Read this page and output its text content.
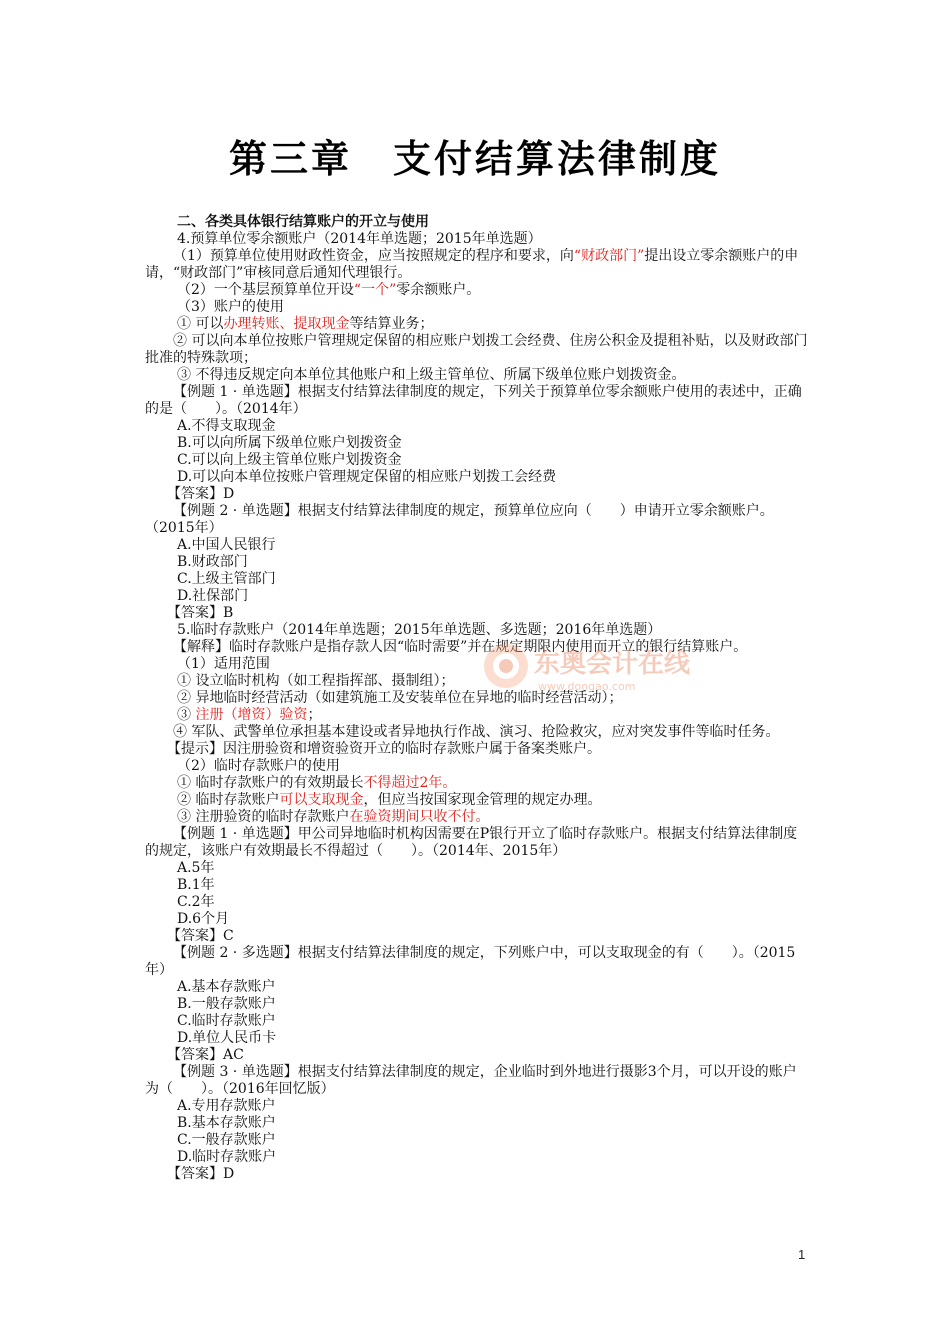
第三章　支付结算法律制度

二、各类具体银行结算账户的开立与使用

4.预算单位零余额账户（2014年单选题；2015年单选题）

（1）预算单位使用财政性资金，应当按照规定的程序和要求，向“财政部门”提出设立零余额账户的申请，“财政部门”审核同意后通知代理银行。

（2）一个基层预算单位开设“一个”零余额账户。

（3）账户的使用

① 可以办理转账、提取现金等结算业务；

② 可以向本单位按账户管理规定保留的相应账户划拨工会经费、住房公积金及提租补贴，以及财政部门批准的特殊款项；

③ 不得违反规定向本单位其他账户和上级主管单位、所属下级单位账户划拨资金。

【例题 1 · 单选题】根据支付结算法律制度的规定，下列关于预算单位零余额账户使用的表述中，正确的是（　　）。（2014年）

A.不得支取现金

B.可以向所属下级单位账户划拨资金

C.可以向上级主管单位账户划拨资金

D.可以向本单位按账户管理规定保留的相应账户划拨工会经费

【答案】D

【例题 2 · 单选题】根据支付结算法律制度的规定，预算单位应向（　　）申请开立零余额账户。（2015年）

A.中国人民银行

B.财政部门

C.上级主管部门

D.社保部门

【答案】B

5.临时存款账户（2014年单选题；2015年单选题、多选题；2016年单选题）

【解释】临时存款账户是指存款人因“临时需要”并在规定期限内使用而开立的银行结算账户。

（1）适用范围

① 设立临时机构（如工程指挥部、摄制组）；

② 异地临时经营活动（如建筑施工及安装单位在异地的临时经营活动）；

③ 注册（增资）验资；

④ 军队、武警单位承担基本建设或者异地执行作战、演习、抢险救灾，应对突发事件等临时任务。

【提示】因注册验资和增资验资开立的临时存款账户属于备案类账户。

（2）临时存款账户的使用

① 临时存款账户的有效期最长不得超过2年。

② 临时存款账户可以支取现金，但应当按国家现金管理的规定办理。

③ 注册验资的临时存款账户在验资期间只收不付。

【例题 1 · 单选题】甲公司异地临时机构因需要在P银行开立了临时存款账户。根据支付结算法律制度的规定，该账户有效期最长不得超过（　　）。（2014年、2015年）

A.5年

B.1年

C.2年

D.6个月

【答案】C

【例题 2 · 多选题】根据支付结算法律制度的规定，下列账户中，可以支取现金的有（　　）。（2015年）

A.基本存款账户

B.一般存款账户

C.临时存款账户

D.单位人民币卡

【答案】AC

【例题 3 · 单选题】根据支付结算法律制度的规定，企业临时到外地进行摄影3个月，可以开设的账户为（　　）。（2016年回忆版）

A.专用存款账户

B.基本存款账户

C.一般存款账户

D.临时存款账户

【答案】D

东奥会计在线
www.dongao.com
1
